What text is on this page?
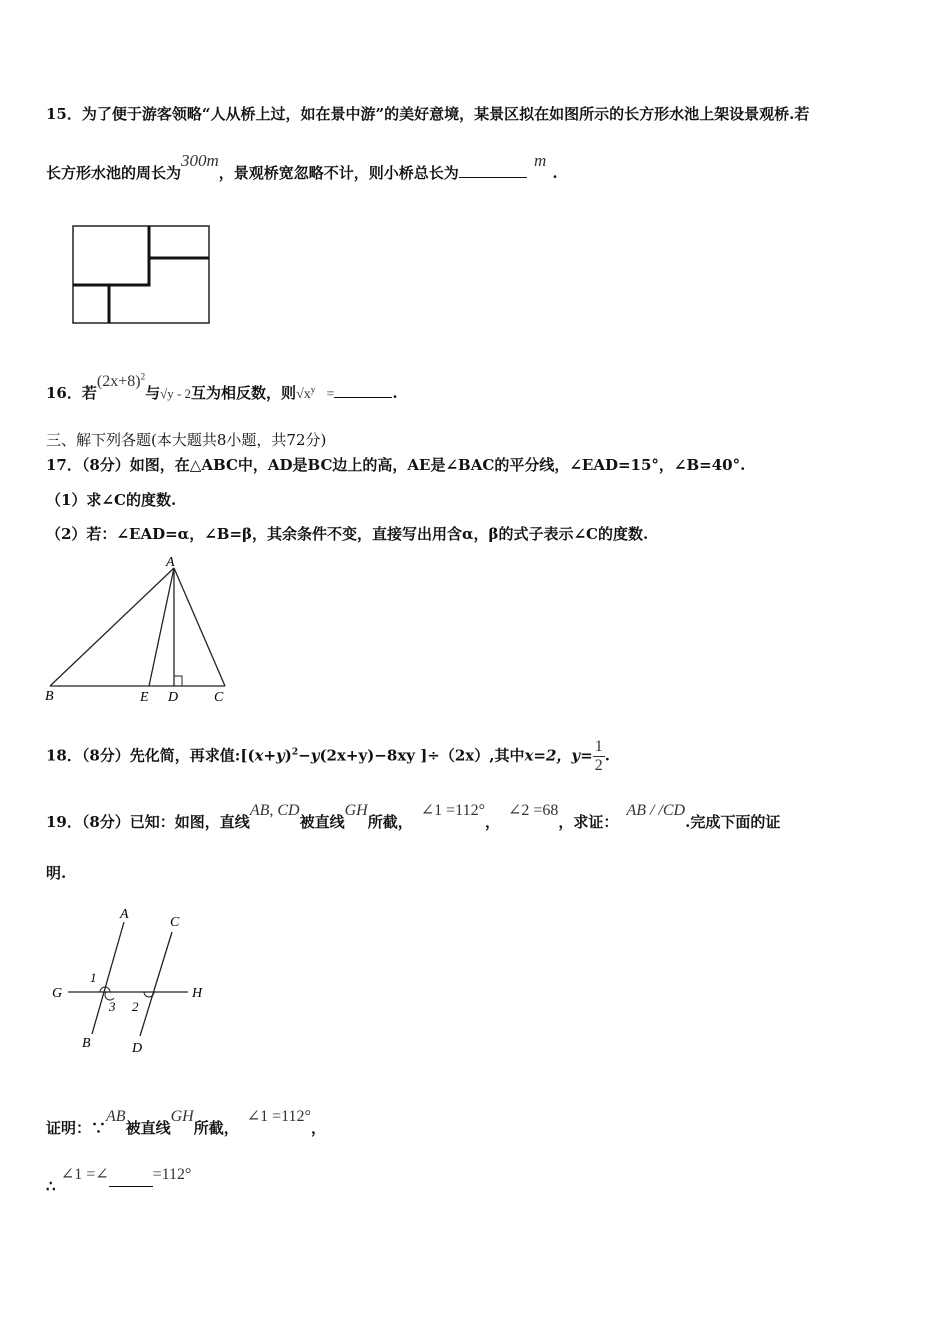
15．为了便于游客领略“人从桥上过，如在景中游”的美好意境，某景区拟在如图所示的长方形水池上架设景观桥.若
长方形水池的周长为300m，景观桥宽忽略不计，则小桥总长为 m.
16．若$(2x+8)^2$与√y - 2互为相反数，则$√x^y$ =	.
三、解下列各题(本大题共8小题，共72分)
17．（8分）如图，在△ABC中，AD是BC边上的高，AE是∠BAC的平分线，∠EAD=15°，∠B=40°.
（1）求∠C的度数.
（2）若：∠EAD=α，∠B=β，其余条件不变，直接写出用含α，β的式子表示∠C的度数.
A
B	E D	C
18．（8分）先化简，再求值$:[(x+y)^2-y(2x+y)-8xy$ ]÷（2x）,其中x=2，$y= \frac{1}{2}$ .
19．（8分）已知：如图，直线AB, CD被直线GH所截，∠1 =112°，∠2 =68，求证：AB / /CD.完成下面的证
明.
A
C
G	H
1
3 2
B	D
证明：∵AB被直线GH所截，∠1 =112°，
∴ ∠1 =∠	=112°
